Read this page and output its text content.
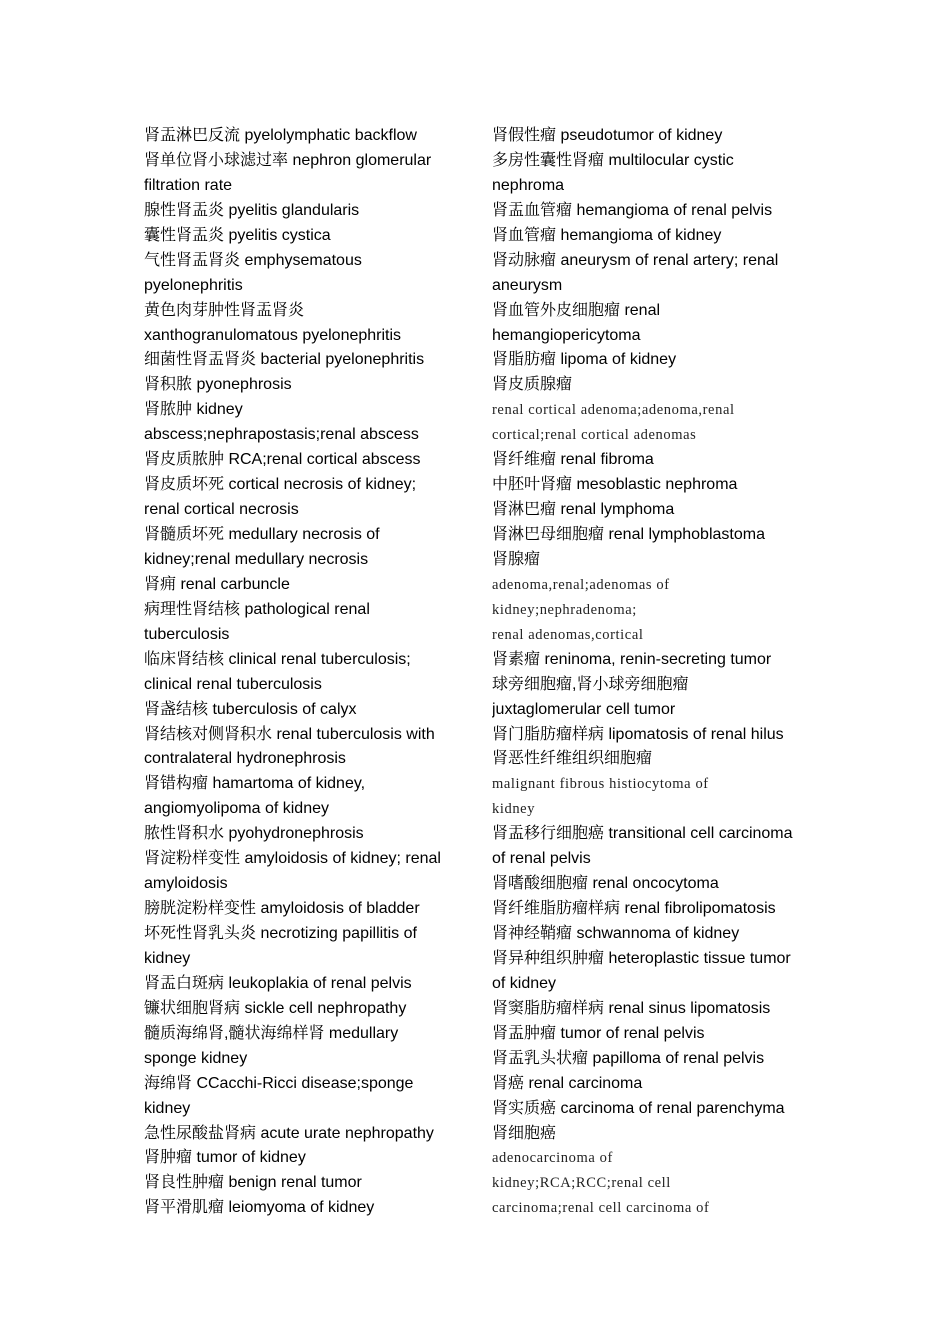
肾盂淋巴反流 pyelolymphatic backflow
肾单位肾小球滤过率 nephron glomerular
filtration rate
腺性肾盂炎 pyelitis glandularis
囊性肾盂炎 pyelitis cystica
气性肾盂肾炎 emphysematous
pyelonephritis
黄色肉芽肿性肾盂肾炎
xanthogranulomatous pyelonephritis
细菌性肾盂肾炎 bacterial pyelonephritis
肾积脓 pyonephrosis
肾脓肿 kidney
abscess;nephrapostasis;renal abscess
肾皮质脓肿 RCA;renal cortical abscess
肾皮质坏死 cortical necrosis of kidney;
renal cortical necrosis
肾髓质坏死 medullary necrosis of
kidney;renal medullary necrosis
肾痈 renal carbuncle
病理性肾结核 pathological renal
tuberculosis
临床肾结核 clinical renal tuberculosis;
clinical renal tuberculosis
肾盏结核 tuberculosis of calyx
肾结核对侧肾积水 renal tuberculosis with
contralateral hydronephrosis
肾错构瘤 hamartoma of kidney,
angiomyolipoma of kidney
脓性肾积水 pyohydronephrosis
肾淀粉样变性 amyloidosis of kidney; renal
amyloidosis
膀胱淀粉样变性 amyloidosis of bladder
坏死性肾乳头炎 necrotizing papillitis of
kidney
肾盂白斑病 leukoplakia of renal pelvis
镰状细胞肾病 sickle cell nephropathy
髓质海绵肾,髓状海绵样肾 medullary
sponge kidney
海绵肾 CCacchi-Ricci disease;sponge
kidney
急性尿酸盐肾病 acute urate nephropathy
肾肿瘤 tumor of kidney
肾良性肿瘤 benign renal tumor
肾平滑肌瘤 leiomyoma of kidney
肾假性瘤 pseudotumor of kidney
多房性囊性肾瘤 multilocular cystic
nephroma
肾盂血管瘤 hemangioma of renal pelvis
肾血管瘤 hemangioma of kidney
肾动脉瘤 aneurysm of renal artery; renal
aneurysm
肾血管外皮细胞瘤 renal
hemangiopericytoma
肾脂肪瘤 lipoma of kidney
肾皮质腺瘤
renal cortical adenoma;adenoma,renal
cortical;renal cortical adenomas
肾纤维瘤 renal fibroma
中胚叶肾瘤 mesoblastic nephroma
肾淋巴瘤 renal lymphoma
肾淋巴母细胞瘤 renal lymphoblastoma
肾腺瘤
adenoma,renal;adenomas of
kidney;nephradenoma;
renal adenomas,cortical
肾素瘤 reninoma, renin-secreting tumor
球旁细胞瘤,肾小球旁细胞瘤
juxtaglomerular cell tumor
肾门脂肪瘤样病 lipomatosis of renal hilus
肾恶性纤维组织细胞瘤
malignant fibrous histiocytoma of
kidney
肾盂移行细胞癌 transitional cell carcinoma
of renal pelvis
肾嗜酸细胞瘤 renal oncocytoma
肾纤维脂肪瘤样病 renal fibrolipomatosis
肾神经鞘瘤 schwannoma of kidney
肾异种组织肿瘤 heteroplastic tissue tumor
of kidney
肾窦脂肪瘤样病 renal sinus lipomatosis
肾盂肿瘤 tumor of renal pelvis
肾盂乳头状瘤 papilloma of renal pelvis
肾癌 renal carcinoma
肾实质癌 carcinoma of renal parenchyma
肾细胞癌
adenocarcinoma of
kidney;RCA;RCC;renal cell
carcinoma;renal cell carcinoma of
